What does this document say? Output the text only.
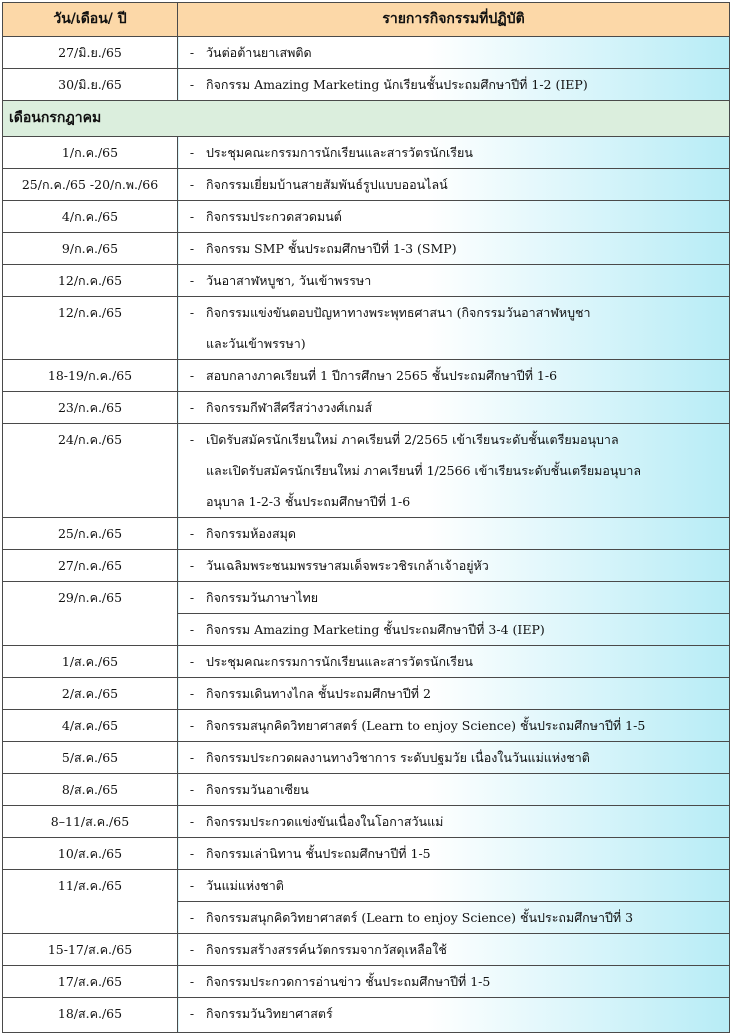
วัน/เดือน/ ปี	รายการกิจกรรมที่ปฏิบัติ
27/มิ.ย./65	- วันต่อต้านยาเสพติด

30/มิ.ย./65	- กิจกรรม Amazing Marketing นักเรียนชั้นประถมศึกษาปีที่ 1-2 (IEP)

เดือนกรกฎาคม	
1/ก.ค./65	- ประชุมคณะกรรมการนักเรียนและสารวัตรนักเรียน

25/ก.ค./65 -20/ก.พ./66	- กิจกรรมเยี่ยมบ้านสายสัมพันธ์รูปแบบออนไลน์

4/ก.ค./65	- กิจกรรมประกวดสวดมนต์

9/ก.ค./65	- กิจกรรม SMP ชั้นประถมศึกษาปีที่ 1-3 (SMP)

12/ก.ค./65	- วันอาสาฬหบูชา, วันเข้าพรรษา

12/ก.ค./65	- กิจกรรมแข่งขันตอบปัญหาทางพระพุทธศาสนา (กิจกรรมวันอาสาฬหบูชา
และวันเข้าพรรษา)

18-19/ก.ค./65	- สอบกลางภาคเรียนที่ 1 ปีการศึกษา 2565 ชั้นประถมศึกษาปีที่ 1-6

23/ก.ค./65	- กิจกรรมกีฬาสีศรีสว่างวงศ์เกมส์

24/ก.ค./65	- เปิดรับสมัครนักเรียนใหม่ ภาคเรียนที่ 2/2565 เข้าเรียนระดับชั้นเตรียมอนุบาล
และเปิดรับสมัครนักเรียนใหม่ ภาคเรียนที่ 1/2566 เข้าเรียนระดับชั้นเตรียมอนุบาล
อนุบาล 1-2-3 ชั้นประถมศึกษาปีที่ 1-6

25/ก.ค./65	- กิจกรรมห้องสมุด

27/ก.ค./65	- วันเฉลิมพระชนมพรรษาสมเด็จพระวชิรเกล้าเจ้าอยู่หัว

29/ก.ค./65	- กิจกรรมวันภาษาไทย

	- กิจกรรม Amazing Marketing ชั้นประถมศึกษาปีที่ 3-4 (IEP)

1/ส.ค./65	- ประชุมคณะกรรมการนักเรียนและสารวัตรนักเรียน

2/ส.ค./65	- กิจกรรมเดินทางไกล ชั้นประถมศึกษาปีที่ 2

4/ส.ค./65	- กิจกรรมสนุกคิดวิทยาศาสตร์ (Learn to enjoy Science) ชั้นประถมศึกษาปีที่ 1-5

5/ส.ค./65	- กิจกรรมประกวดผลงานทางวิชาการ ระดับปฐมวัย เนื่องในวันแม่แห่งชาติ

8/ส.ค./65	- กิจกรรมวันอาเซียน

8–11/ส.ค./65	- กิจกรรมประกวดแข่งขันเนื่องในโอกาสวันแม่

10/ส.ค./65	- กิจกรรมเล่านิทาน ชั้นประถมศึกษาปีที่ 1-5

11/ส.ค./65	- วันแม่แห่งชาติ

	- กิจกรรมสนุกคิดวิทยาศาสตร์ (Learn to enjoy Science) ชั้นประถมศึกษาปีที่ 3

15-17/ส.ค./65	- กิจกรรมสร้างสรรค์นวัตกรรมจากวัสดุเหลือใช้

17/ส.ค./65	- กิจกรรมประกวดการอ่านข่าว ชั้นประถมศึกษาปีที่ 1-5

18/ส.ค./65	- กิจกรรมวันวิทยาศาสตร์
